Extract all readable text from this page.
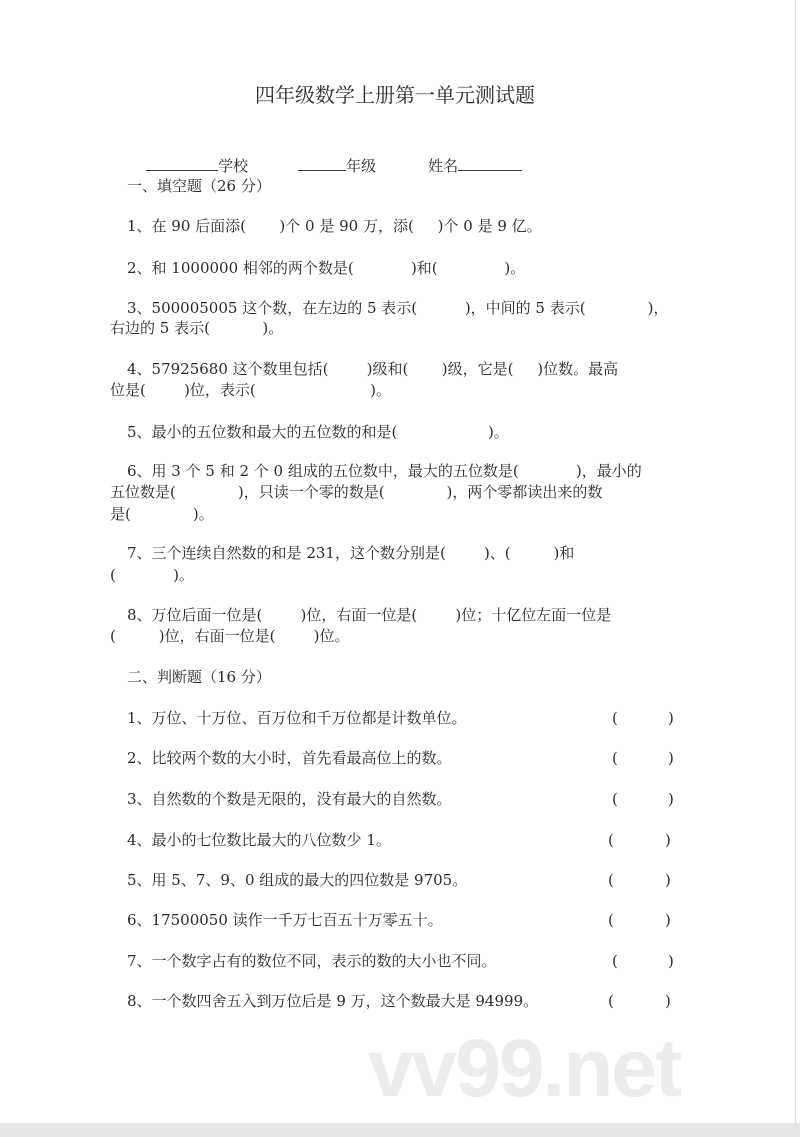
四年级数学上册第一单元测试题

学校	年级	姓名

一、填空题（26 分）
1、在 90 后面添(       )个 0 是 90 万，添(     )个 0 是 9 亿。
2、和 1000000 相邻的两个数是(            )和(              )。
3、500005005 这个数，在左边的 5 表示(          )，中间的 5 表示(             )，
右边的 5 表示(           )。
4、57925680 这个数里包括(        )级和(       )级，它是(     )位数。最高
位是(        )位，表示(                        )。
5、最小的五位数和最大的五位数的和是(                   )。
6、用 3 个 5 和 2 个 0 组成的五位数中，最大的五位数是(            )，最小的
五位数是(             )，只读一个零的数是(             )，两个零都读出来的数
是(             )。
7、三个连续自然数的和是 231，这个数分别是(        )、(         )和
(            )。
8、万位后面一位是(        )位，右面一位是(        )位；十亿位左面一位是
(         )位，右面一位是(        )位。
二、判断题（16 分）
1、万位、十万位、百万位和千万位都是计数单位。	(	)
2、比较两个数的大小时，首先看最高位上的数。	(	)
3、自然数的个数是无限的，没有最大的自然数。	(	)
4、最小的七位数比最大的八位数少 1。	(	)
5、用 5、7、9、0 组成的最大的四位数是 9705。	(	)
6、17500050 读作一千万七百五十万零五十。	(	)
7、一个数字占有的数位不同，表示的数的大小也不同。	(	)
8、一个数四舍五入到万位后是 9 万，这个数最大是 94999。	(	)
vv99.net
